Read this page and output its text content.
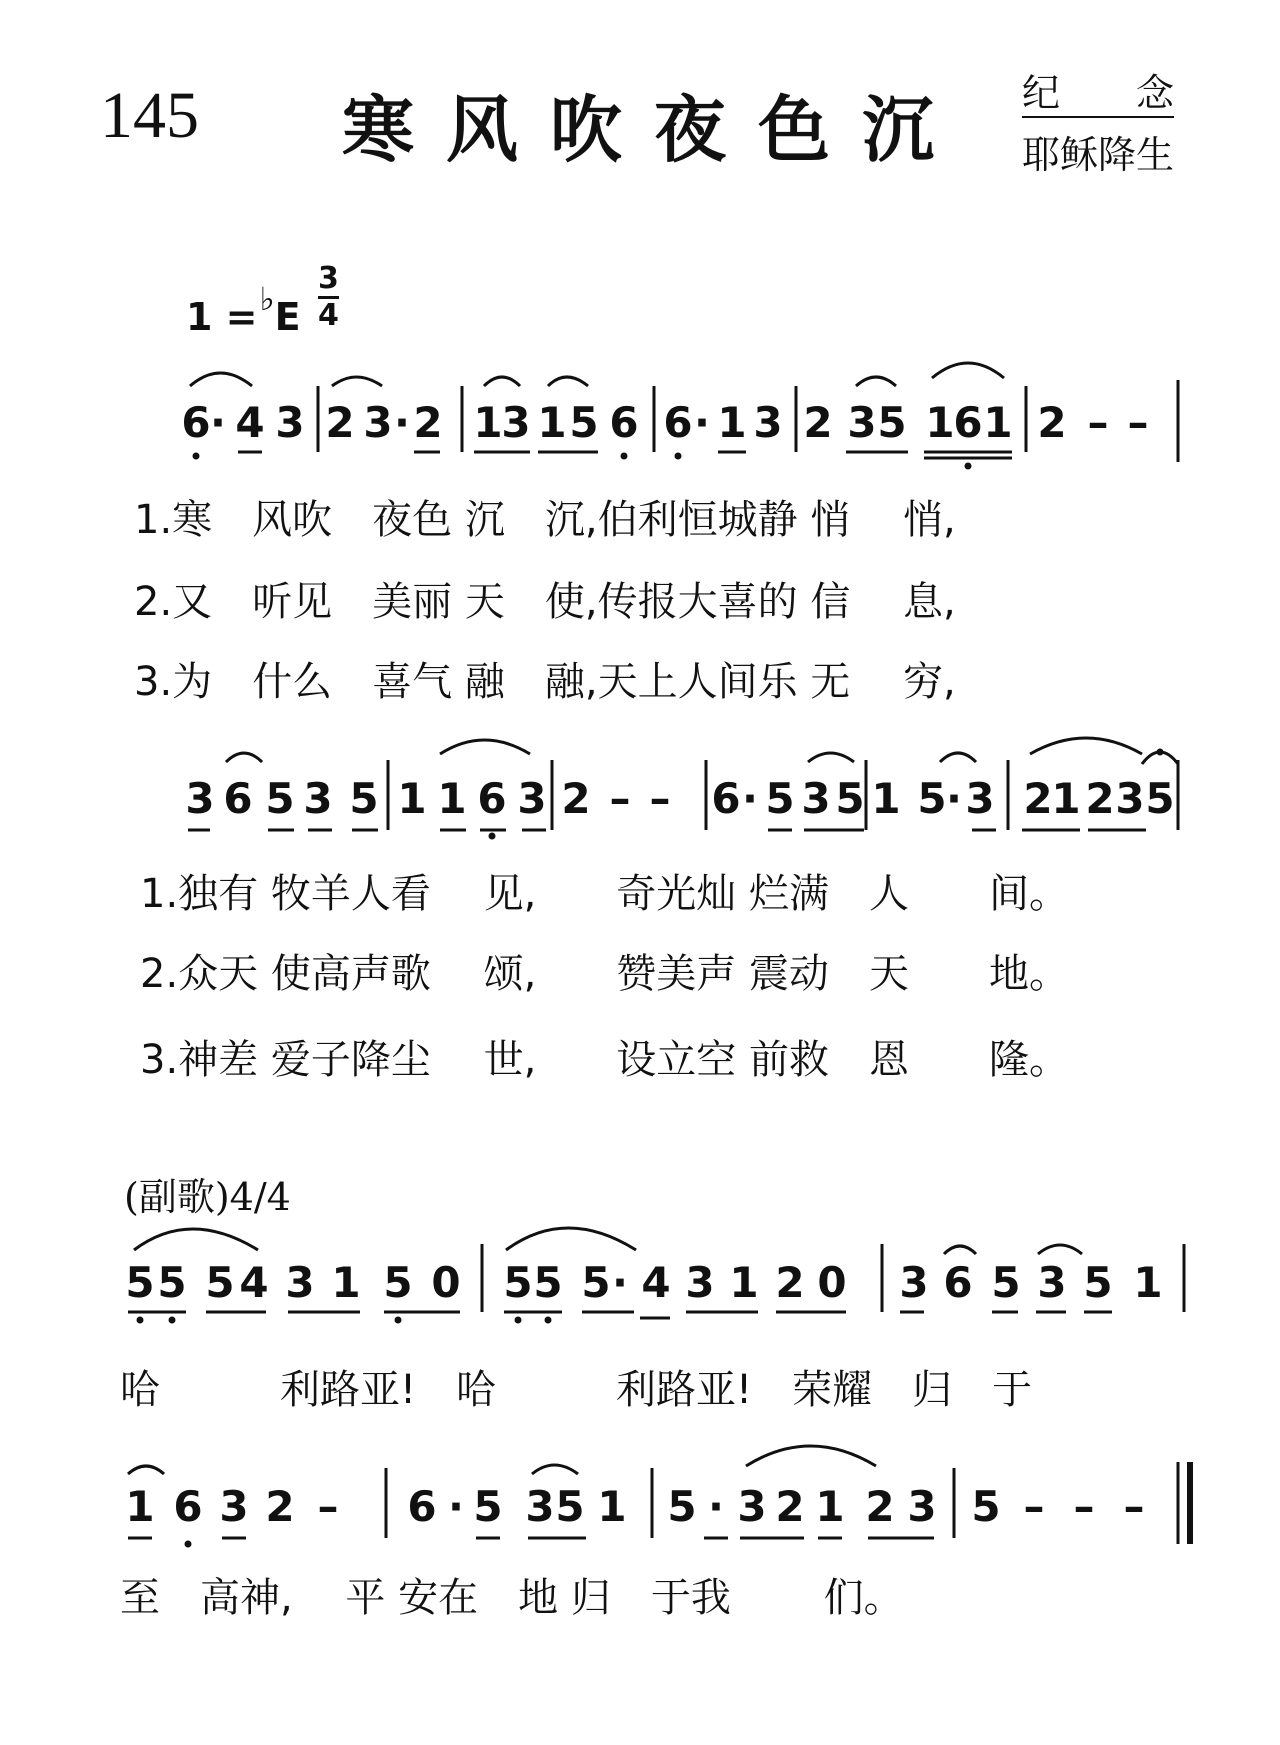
145 寒风吹夜色沉 纪念
耶稣降生
1 =♭E
3
4
6 · 4 3 2 3 · 2 1
3 1 5 6 6 · 1 3 2 3 5 1
6 1 2 – –
1.寒　风吹　夜色 沉　沉,伯利恒城静 悄　 悄,
2.又　听见　美丽 天　使,传报大喜的 信　 息,
3.为　什么　喜气 融　融,天上人间乐 无　 穷,
3 6 5 3 5 1 1 6 3 2 – – 6 · 5 3 5 1 5 · 3 2
1 2 3 5
1.独有 牧羊人看　 见,　　奇光灿 烂满　人　　间。
2.众天 使高声歌　 颂,　　赞美声 震动　天　　地。
3.神差 爱子降尘　 世,　　设立空 前救　恩　　隆。
(副歌)4/4
5 5 5 4 3 1 5 0 5 5 5 · 4 3 1 2 0 3 6 5 3 5 1
哈　　　利路亚!　哈　　　利路亚!　荣耀　归　于
1 6 3 2 – 6 · 5 3 5 1 5 · 3 2 1 2 3 5 – – –
至　高神,　 平 安在　地 归　于我　　 们。
